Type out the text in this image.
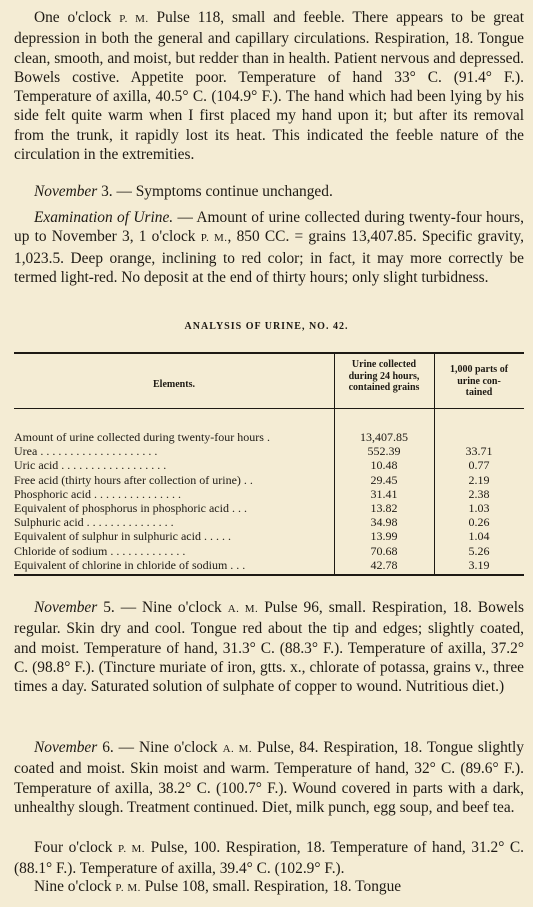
One o'clock P. M. Pulse 118, small and feeble. There appears to be great depression in both the general and capillary circulations. Respiration, 18. Tongue clean, smooth, and moist, but redder than in health. Patient nervous and depressed. Bowels costive. Appetite poor. Temperature of hand 33° C. (91.4° F.). Temperature of axilla, 40.5° C. (104.9° F.). The hand which had been lying by his side felt quite warm when I first placed my hand upon it; but after its removal from the trunk, it rapidly lost its heat. This indicated the feeble nature of the circulation in the extremities.

November 3. — Symptoms continue unchanged.

Examination of Urine. — Amount of urine collected during twenty-four hours, up to November 3, 1 o'clock P. M., 850 CC. = grains 13,407.85. Specific gravity, 1,023.5. Deep orange, inclining to red color; in fact, it may more correctly be termed light-red. No deposit at the end of thirty hours; only slight turbidness.

ANALYSIS OF URINE, NO. 42.

Elements.
Urine collected
during 24 hours,
contained grains
1,000 parts of
urine con-
tained
Amount of urine collected during twenty-four hours .	13,407.85
Urea . . . . . . . . . . . . . . . . . . . .	552.39	33.71
Uric acid . . . . . . . . . . . . . . . . . .	10.48	0.77
Free acid (thirty hours after collection of urine) . .	29.45	2.19
Phosphoric acid . . . . . . . . . . . . . . .	31.41	2.38
Equivalent of phosphorus in phosphoric acid . . .	13.82	1.03
Sulphuric acid . . . . . . . . . . . . . . .	34.98	0.26
Equivalent of sulphur in sulphuric acid . . . . .	13.99	1.04
Chloride of sodium . . . . . . . . . . . . .	70.68	5.26
Equivalent of chlorine in chloride of sodium . . .	42.78	3.19

November 5. — Nine o'clock A. M. Pulse 96, small. Respiration, 18. Bowels regular. Skin dry and cool. Tongue red about the tip and edges; slightly coated, and moist. Temperature of hand, 31.3° C. (88.3° F.). Temperature of axilla, 37.2° C. (98.8° F.). (Tincture muriate of iron, gtts. x., chlorate of potassa, grains v., three times a day. Saturated solution of sulphate of copper to wound. Nutritious diet.)

November 6. — Nine o'clock A. M. Pulse, 84. Respiration, 18. Tongue slightly coated and moist. Skin moist and warm. Temperature of hand, 32° C. (89.6° F.). Temperature of axilla, 38.2° C. (100.7° F.). Wound covered in parts with a dark, unhealthy slough. Treatment continued. Diet, milk punch, egg soup, and beef tea.

Four o'clock P. M. Pulse, 100. Respiration, 18. Temperature of hand, 31.2° C. (88.1° F.). Temperature of axilla, 39.4° C. (102.9° F.).

Nine o'clock P. M. Pulse 108, small. Respiration, 18. Tongue
